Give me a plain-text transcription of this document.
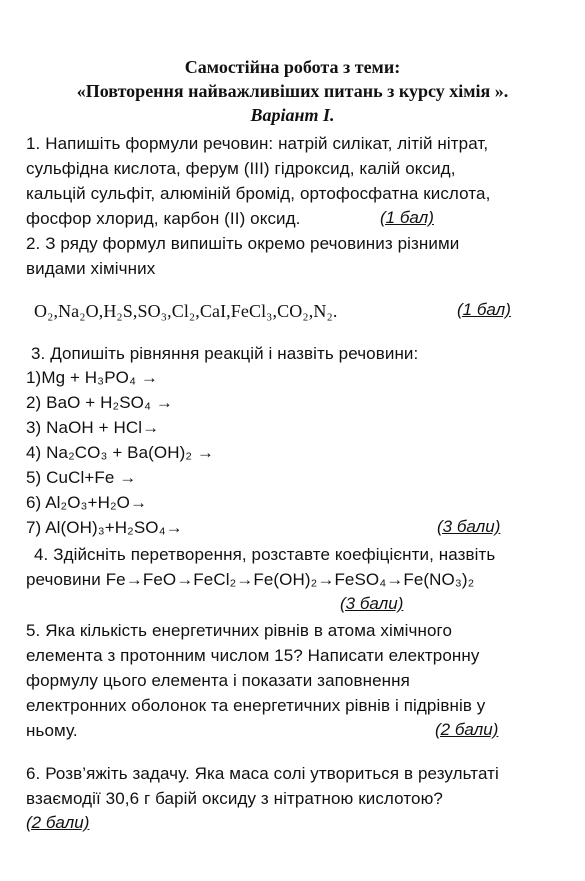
Самостійна робота з теми:
«Повторення найважливіших питань з курсу хімія ».
Варіант І.
1. Напишіть формули речовин: натрій силікат, літій нітрат,
сульфідна кислота, ферум (ІІІ) гідроксид, калій оксид,
кальцій сульфіт, алюміній бромід, ортофосфатна кислота,
фосфор хлорид, карбон (ІІ) оксид.	(1 бал)
2. З ряду формул випишіть окремо речовиниз різними
видами хімічних
O₂,Na₂O,H₂S,SO₃,Cl₂,CaI,FeCl₃,CO₂,N₂.	(1 бал)
3. Допишіть рівняння реакцій і назвіть речовини:
1)Mg + H₃PO₄ →
2) BaO + H₂SO₄ →
3) NaOH + HCl→
4) Na₂CO₃ + Ba(OH)₂ →
5) CuCl+Fe →
6) Al₂O₃+H₂O→
7) Al(OH)₃+H₂SO₄→	(3 бали)
4. Здійсніть перетворення, розставте коефіцієнти, назвіть
речовини Fe→FeO→FeCl₂→Fe(OH)₂→FeSO₄→Fe(NO₃)₂
(3 бали)
5. Яка кількість енергетичних рівнів в атома хімічного
елемента з протонним числом 15? Написати електронну
формулу цього елемента і показати заповнення
електронних оболонок та енергетичних рівнів і підрівнів у
ньому.	(2 бали)
6. Розв’яжіть задачу. Яка маса солі утвориться в результаті
взаємодії 30,6 г барій оксиду з нітратною кислотою?
(2 бали)
